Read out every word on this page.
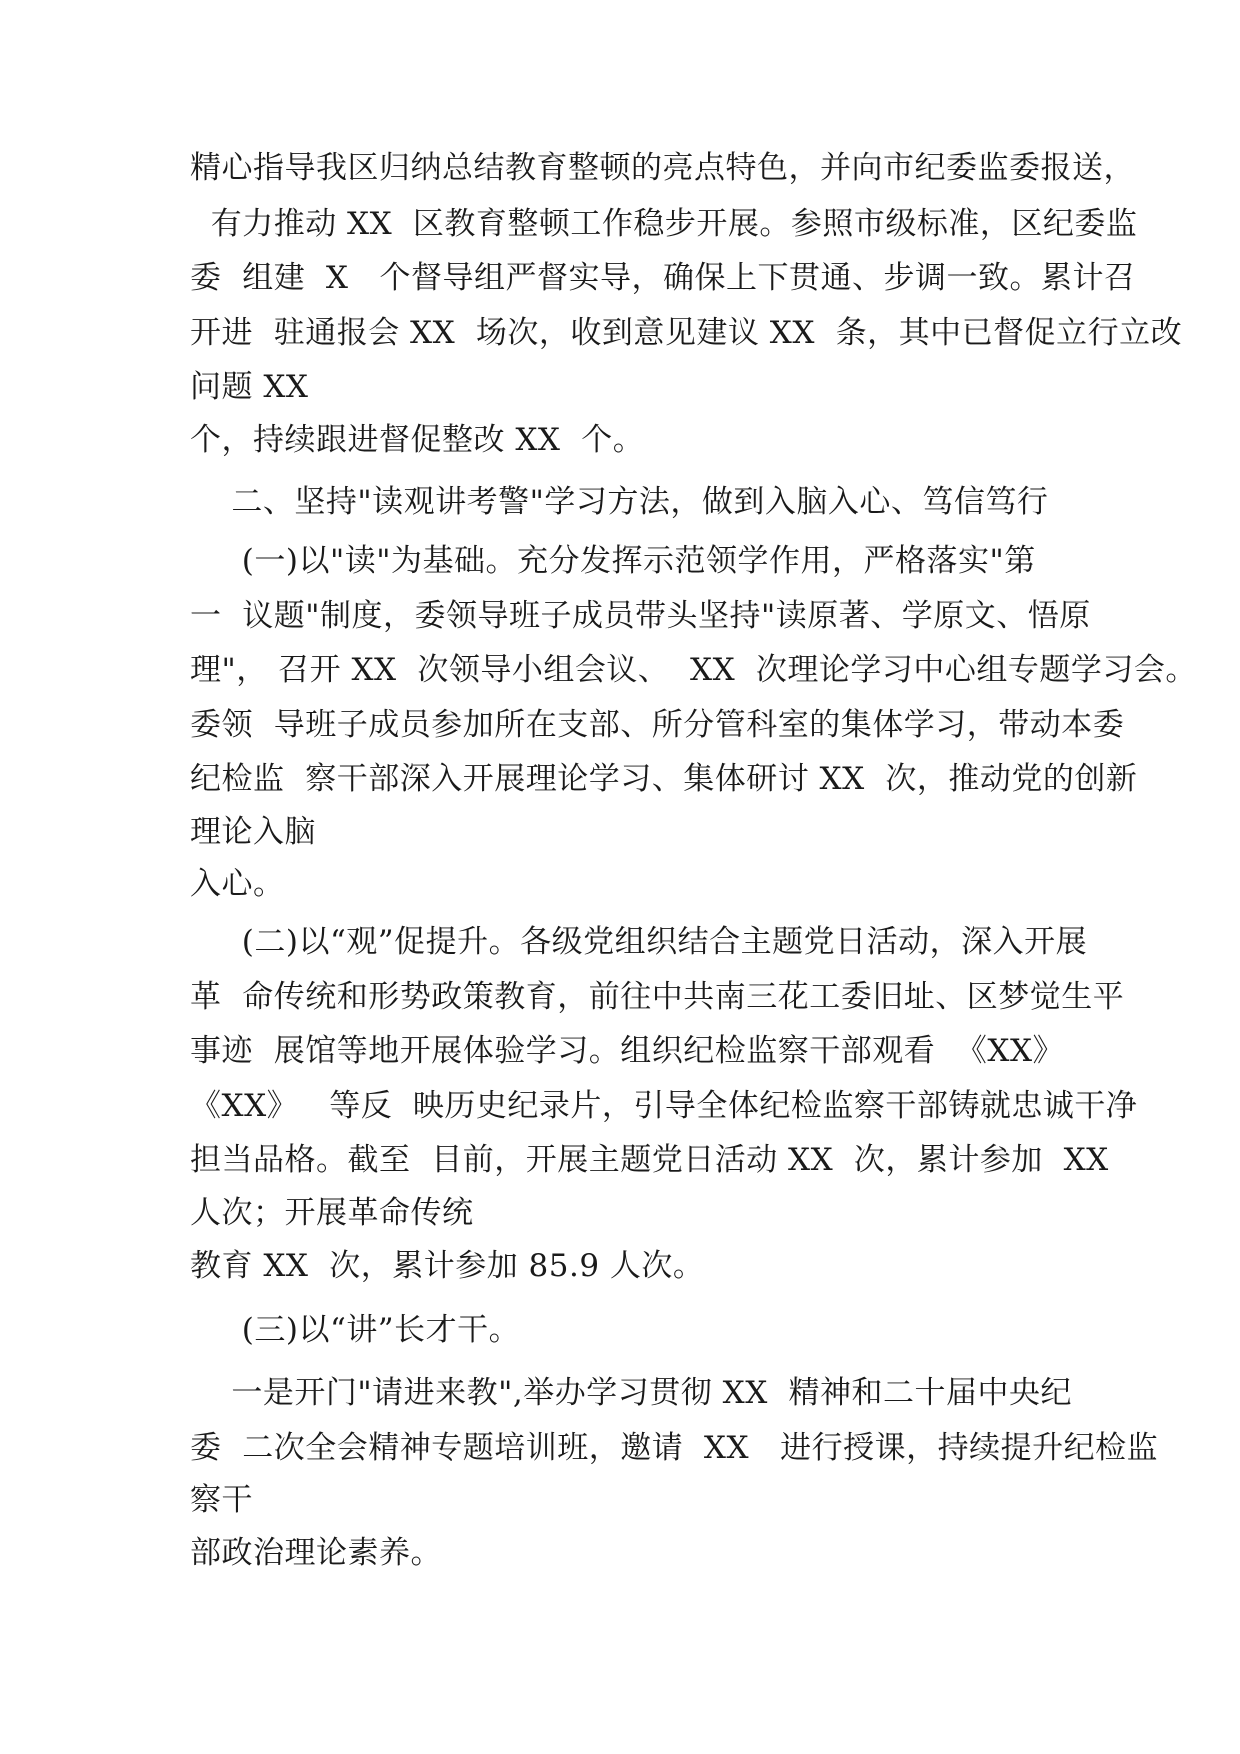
精心指导我区归纳总结教育整顿的亮点特色，并向市纪委监委报送，
有力推动 XX  区教育整顿工作稳步开展。参照市级标准，区纪委监
委  组建  X   个督导组严督实导，确保上下贯通、步调一致。累计召
开进  驻通报会 XX  场次，收到意见建议 XX  条，其中已督促立行立改
问题 XX
个，持续跟进督促整改 XX  个。
二、坚持"读观讲考警"学习方法，做到入脑入心、笃信笃行
(一)以"读"为基础。充分发挥示范领学作用，严格落实"第
一  议题"制度，委领导班子成员带头坚持"读原著、学原文、悟原
理"， 召开 XX  次领导小组会议、  XX  次理论学习中心组专题学习会。
委领  导班子成员参加所在支部、所分管科室的集体学习，带动本委
纪检监  察干部深入开展理论学习、集体研讨 XX  次，推动党的创新
理论入脑
入心。
(二)以“观”促提升。各级党组织结合主题党日活动，深入开展
革  命传统和形势政策教育，前往中共南三花工委旧址、区梦觉生平
事迹  展馆等地开展体验学习。组织纪检监察干部观看  《XX》
《XX》   等反  映历史纪录片，引导全体纪检监察干部铸就忠诚干净
担当品格。截至  目前，开展主题党日活动 XX  次，累计参加  XX
人次；开展革命传统
教育 XX  次，累计参加 85.9 人次。
(三)以“讲”长才干。
一是开门"请进来教",举办学习贯彻 XX  精神和二十届中央纪
委  二次全会精神专题培训班，邀请  XX   进行授课，持续提升纪检监
察干
部政治理论素养。
